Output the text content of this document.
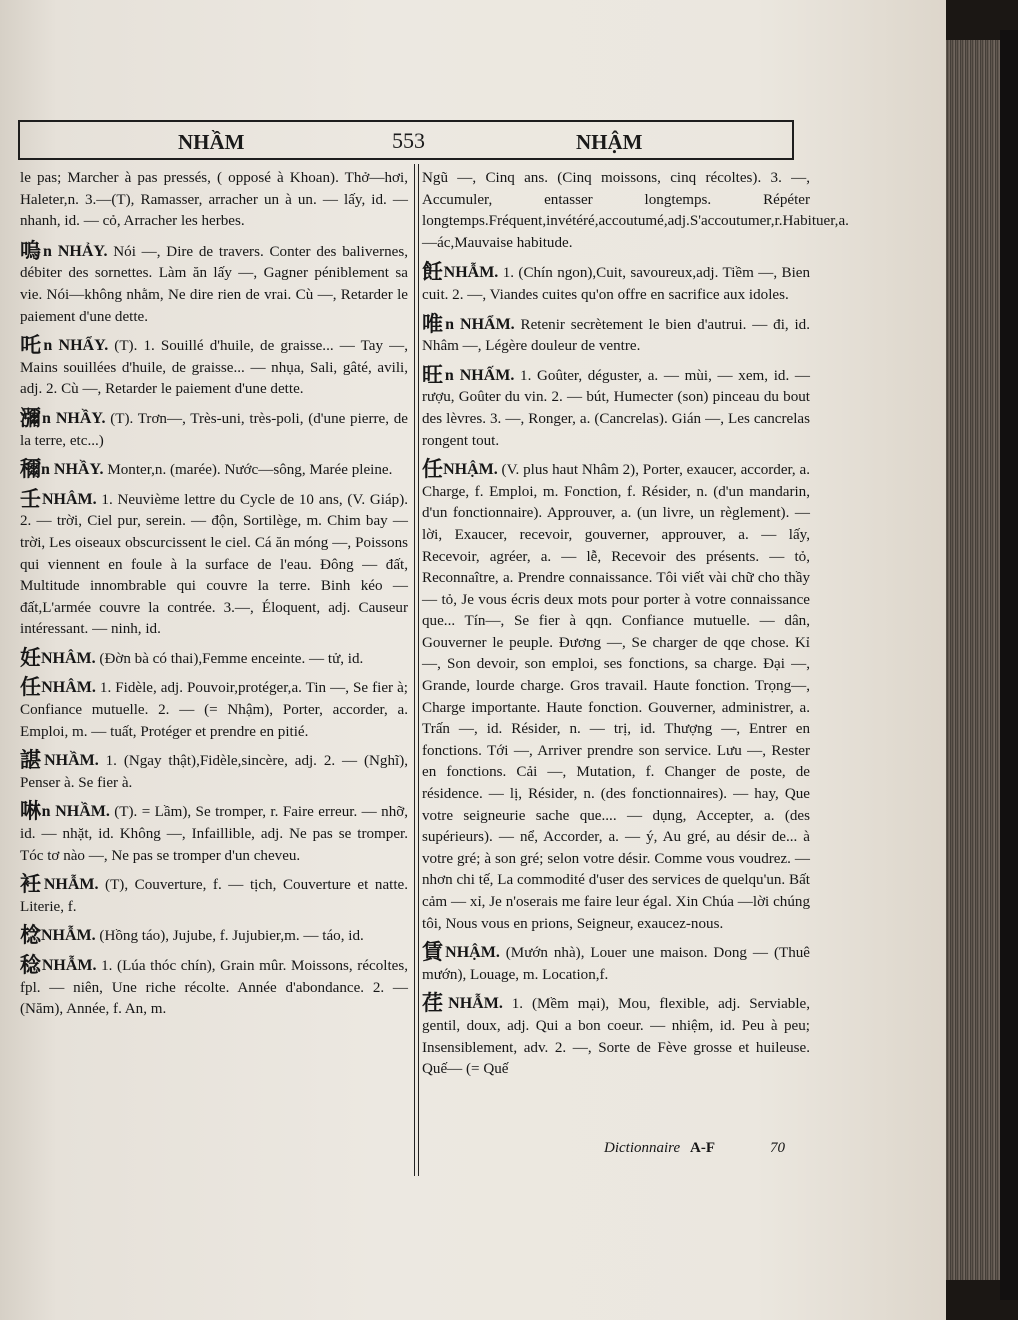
NHẦM	553	NHẬM
le pas; Marcher à pas pressés, ( opposé à Khoan). Thở—hơi, Haleter,n. 3.—(T), Ramasser, arracher un à un. — lấy, id. — nhanh, id. — cỏ, Arracher les herbes.
嗚n NHẢY. Nói —, Dire de travers. Conter des balivernes, débiter des sornettes. Làm ăn lấy —, Gagner péniblement sa vie. Nói—không nhằm, Ne dire rien de vrai. Cù —, Retarder le paiement d'une dette.
吒n NHẨY. (T). 1. Souillé d'huile, de graisse... — Tay —, Mains souillées d'huile, de graisse... — nhụa, Sali, gâté, avili, adj. 2. Cù —, Retarder le paiement d'une dette.
瀰n NHẦY. (T). Trơn—, Très-uni, très-poli, (d'une pierre, de la terre, etc...)
穪n NHẦY. Monter,n. (marée). Nước—sông, Marée pleine.
壬NHÂM. 1. Neuvième lettre du Cycle de 10 ans, (V. Giáp). 2. — trời, Ciel pur, serein. — độn, Sortilège, m. Chim bay — trời, Les oiseaux obscurcissent le ciel. Cá ăn móng —, Poissons qui viennent en foule à la surface de l'eau. Đông — đất, Multitude innombrable qui couvre la terre. Binh kéo — đất,L'armée couvre la contrée. 3.—, Éloquent, adj. Causeur intéressant. — ninh, id.
妊NHÂM. (Đờn bà có thai),Femme enceinte. — tử, id.
任NHÂM. 1. Fidèle, adj. Pouvoir,protéger,a. Tin —, Se fier à; Confiance mutuelle. 2. — (= Nhậm), Porter, accorder, a. Emploi, m. — tuất, Protéger et prendre en pitié.
諶NHẦM. 1. (Ngay thật),Fidèle,sincère, adj. 2. — (Nghĩ), Penser à. Se fier à.
啉n NHẦM. (T). = Lầm), Se tromper, r. Faire erreur. — nhỡ, id. — nhặt, id. Không —, Infaillible, adj. Ne pas se tromper. Tóc tơ nào —, Ne pas se tromper d'un cheveu.
衽NHẪM. (T), Couverture, f. — tịch, Couverture et natte. Literie, f.
棯NHẪM. (Hồng táo), Jujube, f. Jujubier,m. — táo, id.
稔NHẪM. 1. (Lúa thóc chín), Grain mûr. Moissons, récoltes, fpl. — niên, Une riche récolte. Année d'abondance. 2. — (Năm), Année, f. An, m.
Ngũ —, Cinq ans. (Cinq moissons, cinq récoltes). 3. —, Accumuler, entasser longtemps. Répéter longtemps.Fréquent,invétéré,accoutumé,adj.S'accoutumer,r.Habituer,a. —ác,Mauvaise habitude.
飪NHẪM. 1. (Chín ngon),Cuit, savoureux,adj. Tiềm —, Bien cuit. 2. —, Viandes cuites qu'on offre en sacrifice aux idoles.
唯n NHẨM. Retenir secrètement le bien d'autrui. — đi, id. Nhâm —, Légère douleur de ventre.
旺n NHẤM. 1. Goûter, déguster, a. — mùi, — xem, id. — rượu, Goûter du vin. 2. — bút, Humecter (son) pinceau du bout des lèvres. 3. —, Ronger, a. (Cancrelas). Gián —, Les cancrelas rongent tout.
任NHẬM. (V. plus haut Nhâm 2), Porter, exaucer, accorder, a. Charge, f. Emploi, m. Fonction, f. Résider, n. (d'un mandarin, d'un fonctionnaire). Approuver, a. (un livre, un règlement). — lời, Exaucer, recevoir, gouverner, approuver, a. — lấy, Recevoir, agréer, a. — lễ, Recevoir des présents. — tỏ, Reconnaître, a. Prendre connaissance. Tôi viết vài chữ cho thầy — tỏ, Je vous écris deux mots pour porter à votre connaissance que... Tín—, Se fier à qqn. Confiance mutuelle. — dân, Gouverner le peuple. Đương —, Se charger de qqe chose. Kỉ —, Son devoir, son emploi, ses fonctions, sa charge. Đại —, Grande, lourde charge. Gros travail. Haute fonction. Trọng—, Charge importante. Haute fonction. Gouverner, administrer, a. Trấn —, id. Résider, n. — trị, id. Thượng —, Entrer en fonctions. Tới —, Arriver prendre son service. Lưu —, Rester en fonctions. Cải —, Mutation, f. Changer de poste, de résidence. — lị, Résider, n. (des fonctionnaires). — hay, Que votre seigneurie sache que.... — dụng, Accepter, a. (des supérieurs). — nể, Accorder, a. — ý, Au gré, au désir de... à votre gré; à son gré; selon votre désir. Comme vous voudrez. — nhơn chi tế, La commodité d'user des services de quelqu'un. Bất cảm — xỉ, Je n'oserais me faire leur égal. Xin Chúa —lời chúng tôi, Nous vous en prions, Seigneur, exaucez-nous.
賃NHẬM. (Mướn nhà), Louer une maison. Dong — (Thuê mướn), Louage, m. Location,f.
荏NHẪM. 1. (Mềm mại), Mou, flexible, adj. Serviable, gentil, doux, adj. Qui a bon coeur. — nhiệm, id. Peu à peu; Insensiblement, adv. 2. —, Sorte de Fève grosse et huileuse. Quế— (= Quế
Dictionnaire A-F	70
